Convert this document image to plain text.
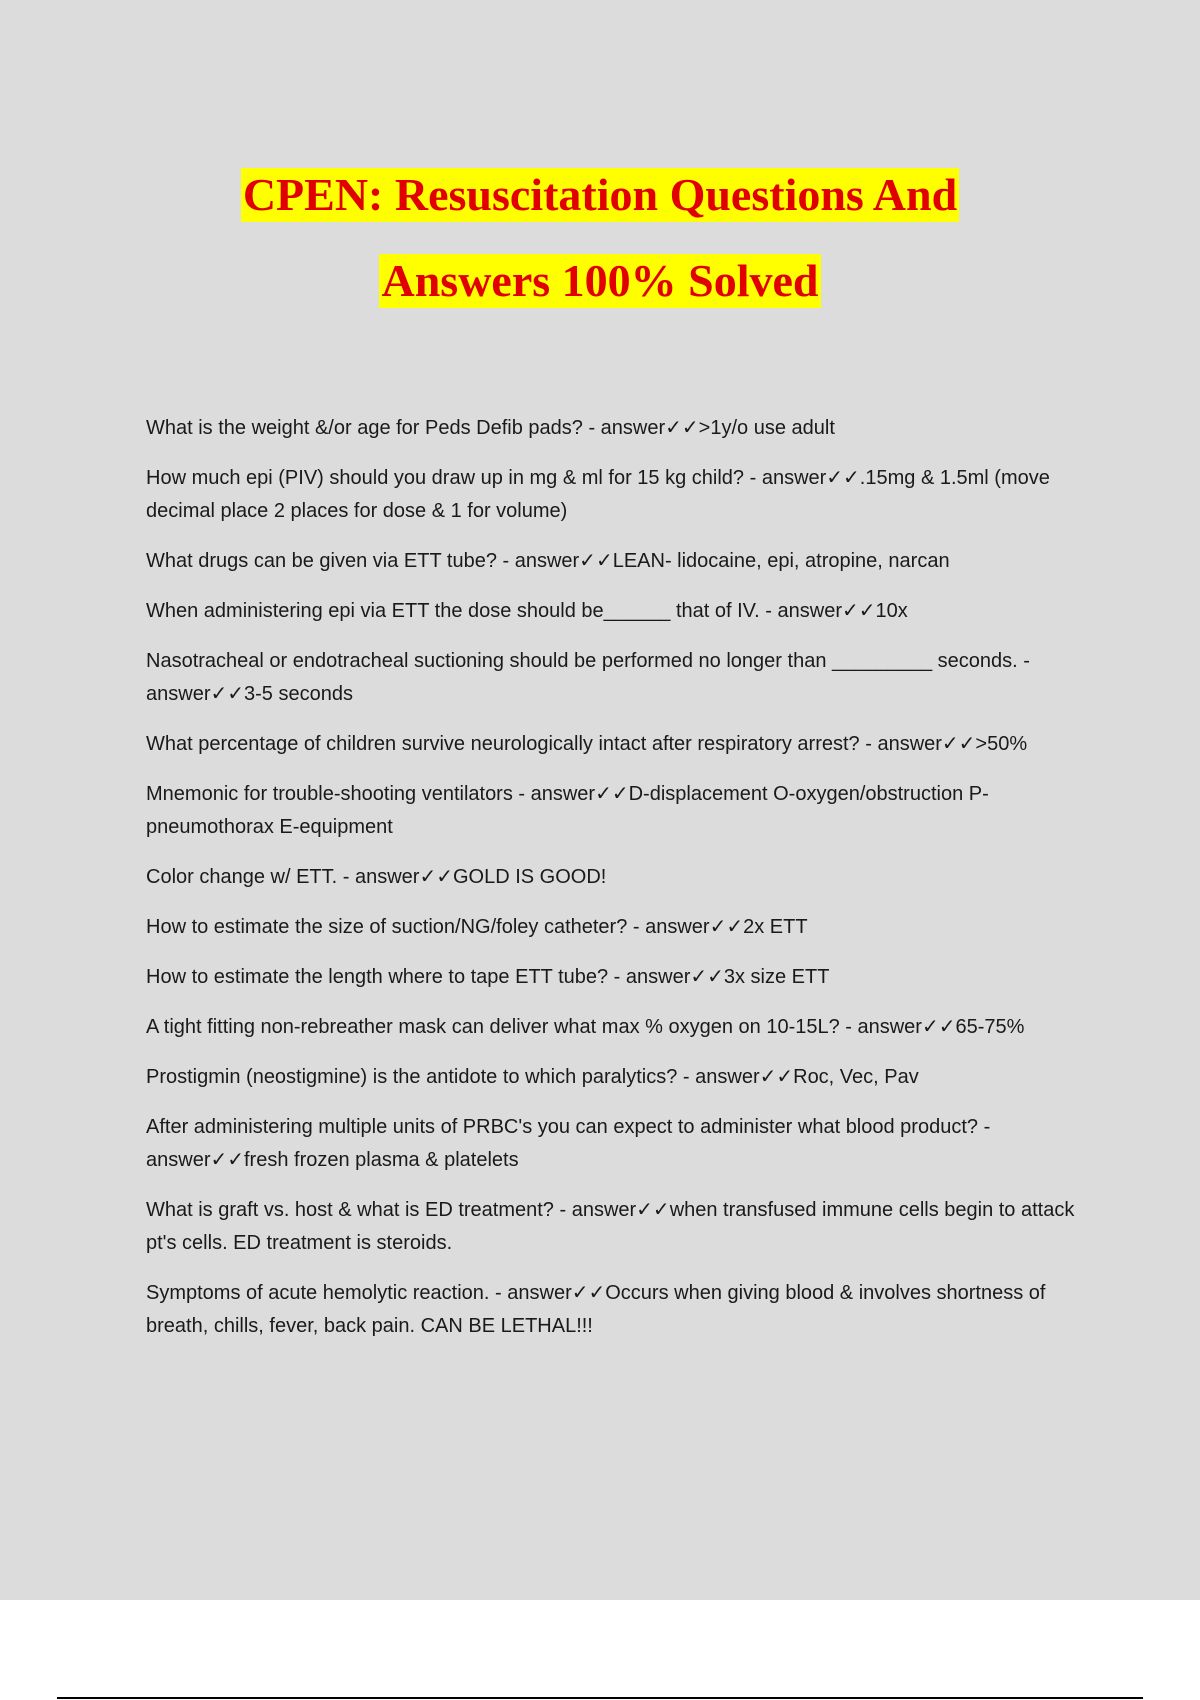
CPEN: Resuscitation Questions And
Answers 100% Solved

What is the weight &/or age for Peds Defib pads? - answer✓✓>1y/o use adult

How much epi (PIV) should you draw up in mg & ml for 15 kg child? - answer✓✓.15mg & 1.5ml (move decimal place 2 places for dose & 1 for volume)

What drugs can be given via ETT tube? - answer✓✓LEAN- lidocaine, epi, atropine, narcan

When administering epi via ETT the dose should be______ that of IV. - answer✓✓10x

Nasotracheal or endotracheal suctioning should be performed no longer than _________ seconds. - answer✓✓3-5 seconds

What percentage of children survive neurologically intact after respiratory arrest? - answer✓✓>50%

Mnemonic for trouble-shooting ventilators - answer✓✓D-displacement O-oxygen/obstruction P-pneumothorax E-equipment

Color change w/ ETT. - answer✓✓GOLD IS GOOD!

How to estimate the size of suction/NG/foley catheter? - answer✓✓2x ETT

How to estimate the length where to tape ETT tube? - answer✓✓3x size ETT

A tight fitting non-rebreather mask can deliver what max % oxygen on 10-15L? - answer✓✓65-75%

Prostigmin (neostigmine) is the antidote to which paralytics? - answer✓✓Roc, Vec, Pav

After administering multiple units of PRBC's you can expect to administer what blood product? - answer✓✓fresh frozen plasma & platelets

What is graft vs. host & what is ED treatment? - answer✓✓when transfused immune cells begin to attack pt's cells. ED treatment is steroids.

Symptoms of acute hemolytic reaction. - answer✓✓Occurs when giving blood & involves shortness of breath, chills, fever, back pain. CAN BE LETHAL!!!
